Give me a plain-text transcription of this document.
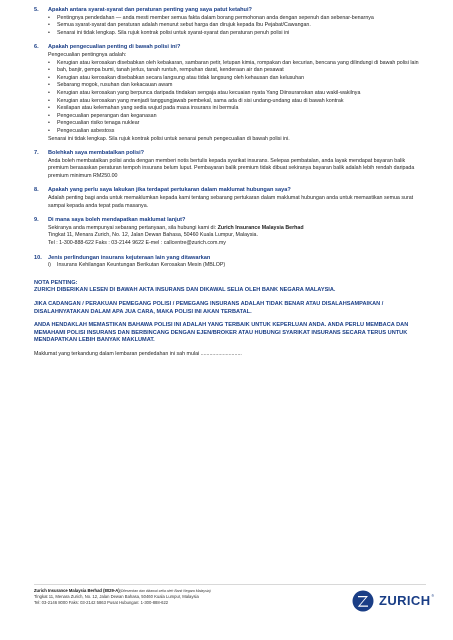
5.	Apakah antara syarat-syarat dan peraturan penting yang saya patut ketahui?
•	Pentingnya pendedahan — anda mesti member semua fakta dalam borang permohonan anda dengan sepenuh dan sebenar-benarnya
•	Semua syarat-syarat dan peraturan adalah menurut sebut harga dan dirujuk kepada Ibu Pejabat/Cawangan.
•	Senarai ini tidak lengkap. Sila rujuk kontrak polisi untuk syarat-syarat dan peraturan penuh polisi ini
6.	Apakah pengecualian penting di bawah polisi ini?
Pengecualian pentingnya adalah:
•	Kerugian atau kerosakan disebabkan oleh kebakaran, sambaran petir, letupan kimia, rompakan dan kecurian, bencana yang dilindungi di bawah polisi lain
•	bah, banjir, gempa bumi, tanah jerlus, tanah runtuh, rempuhan darat, kenderaan air dan pesawat
•	Kerugian atau kerosakan disebabkan secara langsung atau tidak langsung oleh kehausan dan kelusuhan
•	Sebarang mogok, rusuhan dan kekacauan awam
•	Kerugian atau kerosakan yang berpunca daripada tindakan sengaja atau kecuaian nyata Yang Diinsuranskan atau wakil-wakilnya
•	Kerugian atau kerosakan yang menjadi tanggungjawab pembekal, sama ada di sisi undang-undang atau di bawah kontrak
•	Kesilapan atau kelemahan yang sedia wujud pada masa insurans ini bermula
•	Pengecualian peperangan dan keganasan
•	Pengecualian risiko tenaga nuklear
•	Pengecualian asbestoss
Senarai ini tidak lengkap. Sila rujuk kontrak polisi untuk senarai penuh pengecualian di bawah polisi ini.
7.	Bolehkah saya membatalkan polisi?
Anda boleh membatalkan polisi anda dengan memberi notis bertulis kepada syarikat insurans. Selepas pembatalan, anda layak mendapat bayaran balik premium berasaskan peraturan tempoh insurans belum luput. Pembayaran balik premium tidak dibuat sekiranya bayaran balik adalah lebih rendah daripada premium minimum RM250.00
8.	Apakah yang perlu saya lakukan jika terdapat pertukaran dalam maklumat hubungan saya?
Adalah penting bagi anda untuk memaklumkan kepada kami tentang sebarang pertukaran dalam maklumat hubungan anda untuk memastikan semua surat sampai kepada anda tepat pada masanya.
9.	Di mana saya boleh mendapatkan maklumat lanjut?
Sekiranya anda mempunyai sebarang pertanyaan, sila hubungi kami di: Zurich Insurance Malaysia Berhad
Tingkat 11, Menara Zurich, No. 12, Jalan Dewan Bahasa, 50460 Kuala Lumpur, Malaysia.
Tel : 1-300-888-622 Faks : 03-2144 9622 E-mel : callcentre@zurich.com.my
10.	Jenis perlindungan insurans kejuteraan lain yang ditawarkan
i)	Insurans Kehilangan Keuntungan Berikutan Kerosakan Mesin (MBLOP)
NOTA PENTING:
ZURICH DIBERIKAN LESEN DI BAWAH AKTA INSURANS DAN DIKAWAL SELIA OLEH BANK NEGARA MALAYSIA.
JIKA CADANGAN / PERAKUAN PEMEGANG POLISI / PEMEGANG INSURANS ADALAH TIDAK BENAR ATAU DISALAHSAMPAIKAN / DISALAHNYATAKAN DALAM APA JUA CARA, MAKA POLISI INI AKAN TERBATAL.
ANDA HENDAKLAH MEMASTIKAN BAHAWA POLISI INI ADALAH YANG TERBAIK UNTUK KEPERLUAN ANDA. ANDA PERLU MEMBACA DAN MEMAHAMI POLISI INSURANS DAN BERBINCANG DENGAN EJEN/BROKER ATAU HUBUNGI SYARIKAT INSURANS SECARA TERUS UNTUK MENDAPATKAN LEBIH BANYAK MAKLUMAT.
Maklumat yang terkandung dalam lembaran pendedahan ini sah mulai ............................
Zurich Insurance Malaysia Berhad (8029-A)(Dilesenkan dan dikawal selia oleh Bank Negara Malaysia)
Tingkat 11, Menara Zurich, No. 12, Jalan Dewan Bahasa, 50460 Kuala Lumpur, Malaysia
Tel: 03-2146 8000 Faks: 03-2142 5863 Pusat Hubungan: 1-300-888-622	ZURICH ®
